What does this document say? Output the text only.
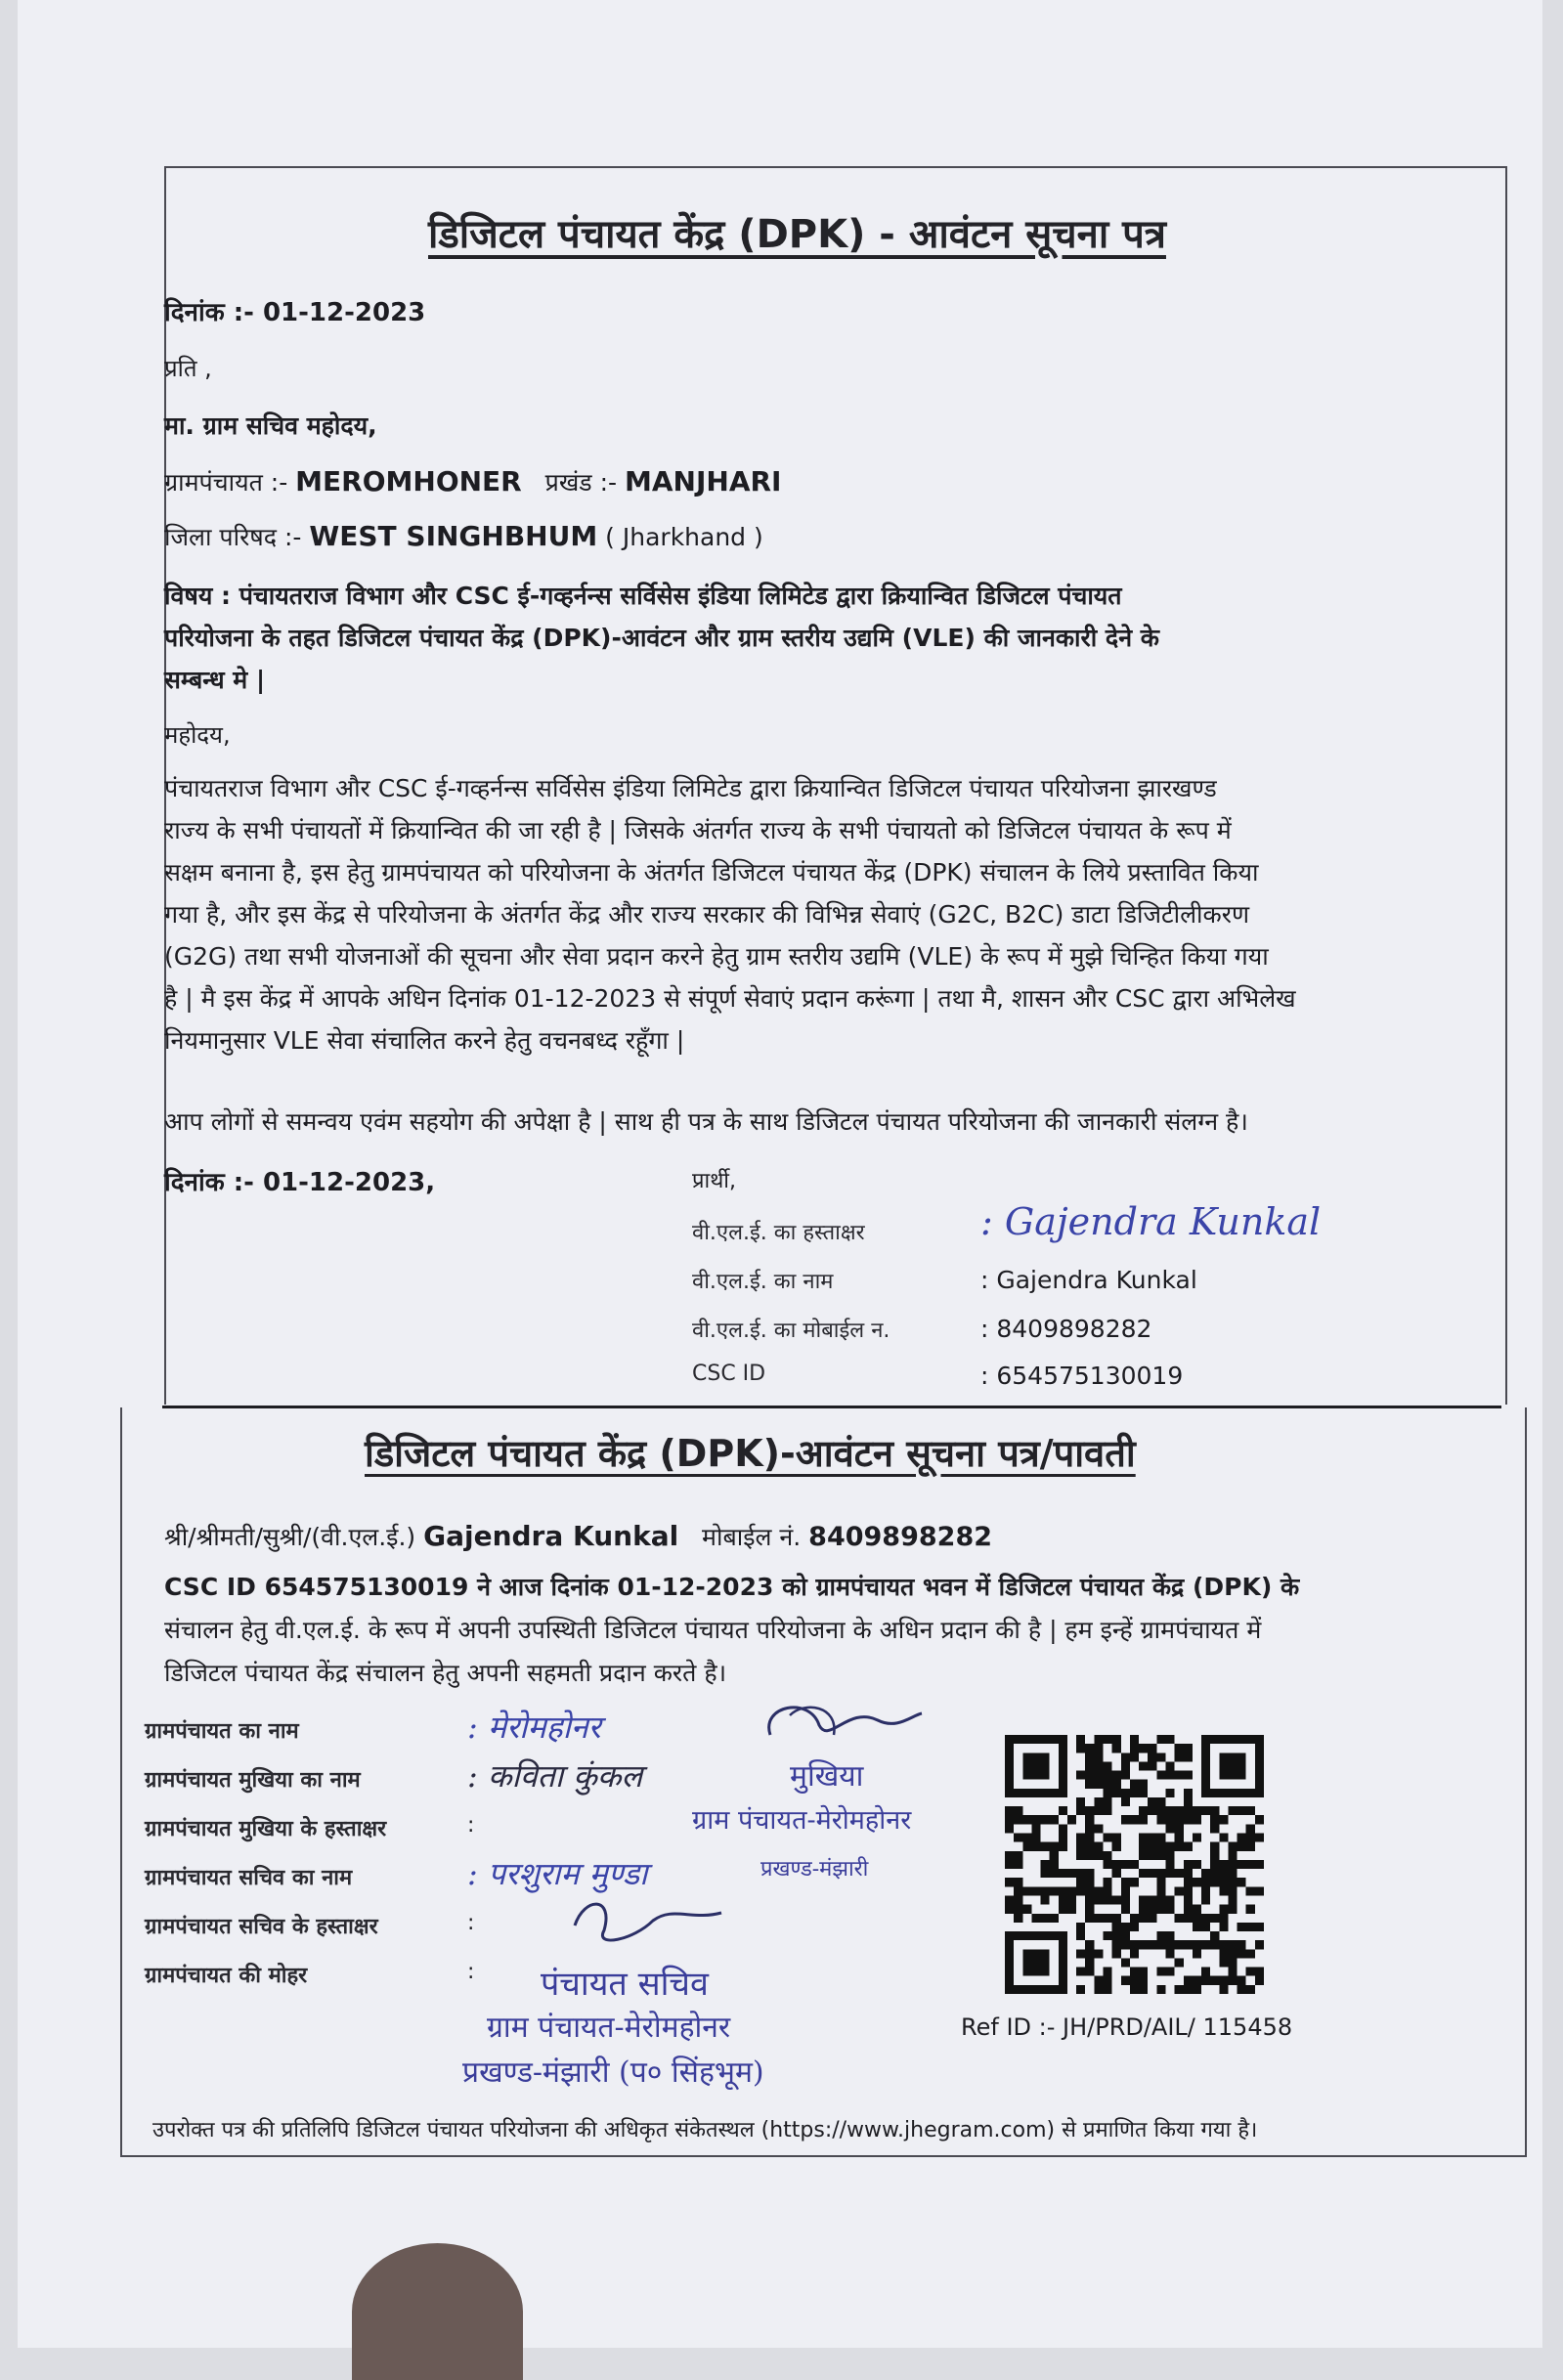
डिजिटल पंचायत केंद्र (DPK) - आवंटन सूचना पत्र
दिनांक :- 01-12-2023
प्रति ,
मा. ग्राम सचिव महोदय,
ग्रामपंचायत :- MEROMHONER प्रखंड :- MANJHARI
जिला परिषद :- WEST SINGHBHUM ( Jharkhand )
विषय : पंचायतराज विभाग और CSC ई-गव्हर्नन्स सर्विसेस इंडिया लिमिटेड द्वारा क्रियान्वित डिजिटल पंचायत
परियोजना के तहत डिजिटल पंचायत केंद्र (DPK)-आवंटन और ग्राम स्तरीय उद्यमि (VLE) की जानकारी देने के
सम्बन्ध मे |
महोदय,
पंचायतराज विभाग और CSC ई-गव्हर्नन्स सर्विसेस इंडिया लिमिटेड द्वारा क्रियान्वित डिजिटल पंचायत परियोजना झारखण्ड
राज्य के सभी पंचायतों में क्रियान्वित की जा रही है | जिसके अंतर्गत राज्य के सभी पंचायतो को डिजिटल पंचायत के रूप में
सक्षम बनाना है, इस हेतु ग्रामपंचायत को परियोजना के अंतर्गत डिजिटल पंचायत केंद्र (DPK) संचालन के लिये प्रस्तावित किया
गया है, और इस केंद्र से परियोजना के अंतर्गत केंद्र और राज्य सरकार की विभिन्न सेवाएं (G2C, B2C) डाटा डिजिटीलीकरण
(G2G) तथा सभी योजनाओं की सूचना और सेवा प्रदान करने हेतु ग्राम स्तरीय उद्यमि (VLE) के रूप में मुझे चिन्हित किया गया
है | मै इस केंद्र में आपके अधिन दिनांक 01-12-2023 से संपूर्ण सेवाएं प्रदान करूंगा | तथा मै, शासन और CSC द्वारा अभिलेख
नियमानुसार VLE सेवा संचालित करने हेतु वचनबध्द रहूँगा |
आप लोगों से समन्वय एवंम सहयोग की अपेक्षा है | साथ ही पत्र के साथ डिजिटल पंचायत परियोजना की जानकारी संलग्न है।
दिनांक :- 01-12-2023,	प्रार्थी,
वी.एल.ई. का हस्ताक्षर	: Gajendra Kunkal
वी.एल.ई. का नाम	: Gajendra Kunkal
वी.एल.ई. का मोबाईल न.	: 8409898282
CSC ID	: 654575130019
डिजिटल पंचायत केंद्र (DPK)-आवंटन सूचना पत्र/पावती
श्री/श्रीमती/सुश्री/(वी.एल.ई.) Gajendra Kunkal मोबाईल नं. 8409898282
CSC ID 654575130019 ने आज दिनांक 01-12-2023 को ग्रामपंचायत भवन में डिजिटल पंचायत केंद्र (DPK) के
संचालन हेतु वी.एल.ई. के रूप में अपनी उपस्थिती डिजिटल पंचायत परियोजना के अधिन प्रदान की है | हम इन्हें ग्रामपंचायत में
डिजिटल पंचायत केंद्र संचालन हेतु अपनी सहमती प्रदान करते है।
ग्रामपंचायत का नाम	: मेरोमहोनर
ग्रामपंचायत मुखिया का नाम	: कविता कुंकल
ग्रामपंचायत मुखिया के हस्ताक्षर	:
ग्रामपंचायत सचिव का नाम	: परशुराम मुण्डा
ग्रामपंचायत सचिव के हस्ताक्षर	:
ग्रामपंचायत की मोहर	:
मुखिया
ग्राम पंचायत-मेरोमहोनर
प्रखण्ड-मंझारी
पंचायत सचिव
ग्राम पंचायत-मेरोमहोनर
प्रखण्ड-मंझारी (प० सिंहभूम)
Ref ID :- JH/PRD/AIL/ 115458
उपरोक्त पत्र की प्रतिलिपि डिजिटल पंचायत परियोजना की अधिकृत संकेतस्थल (https://www.jhegram.com) से प्रमाणित किया गया है।
